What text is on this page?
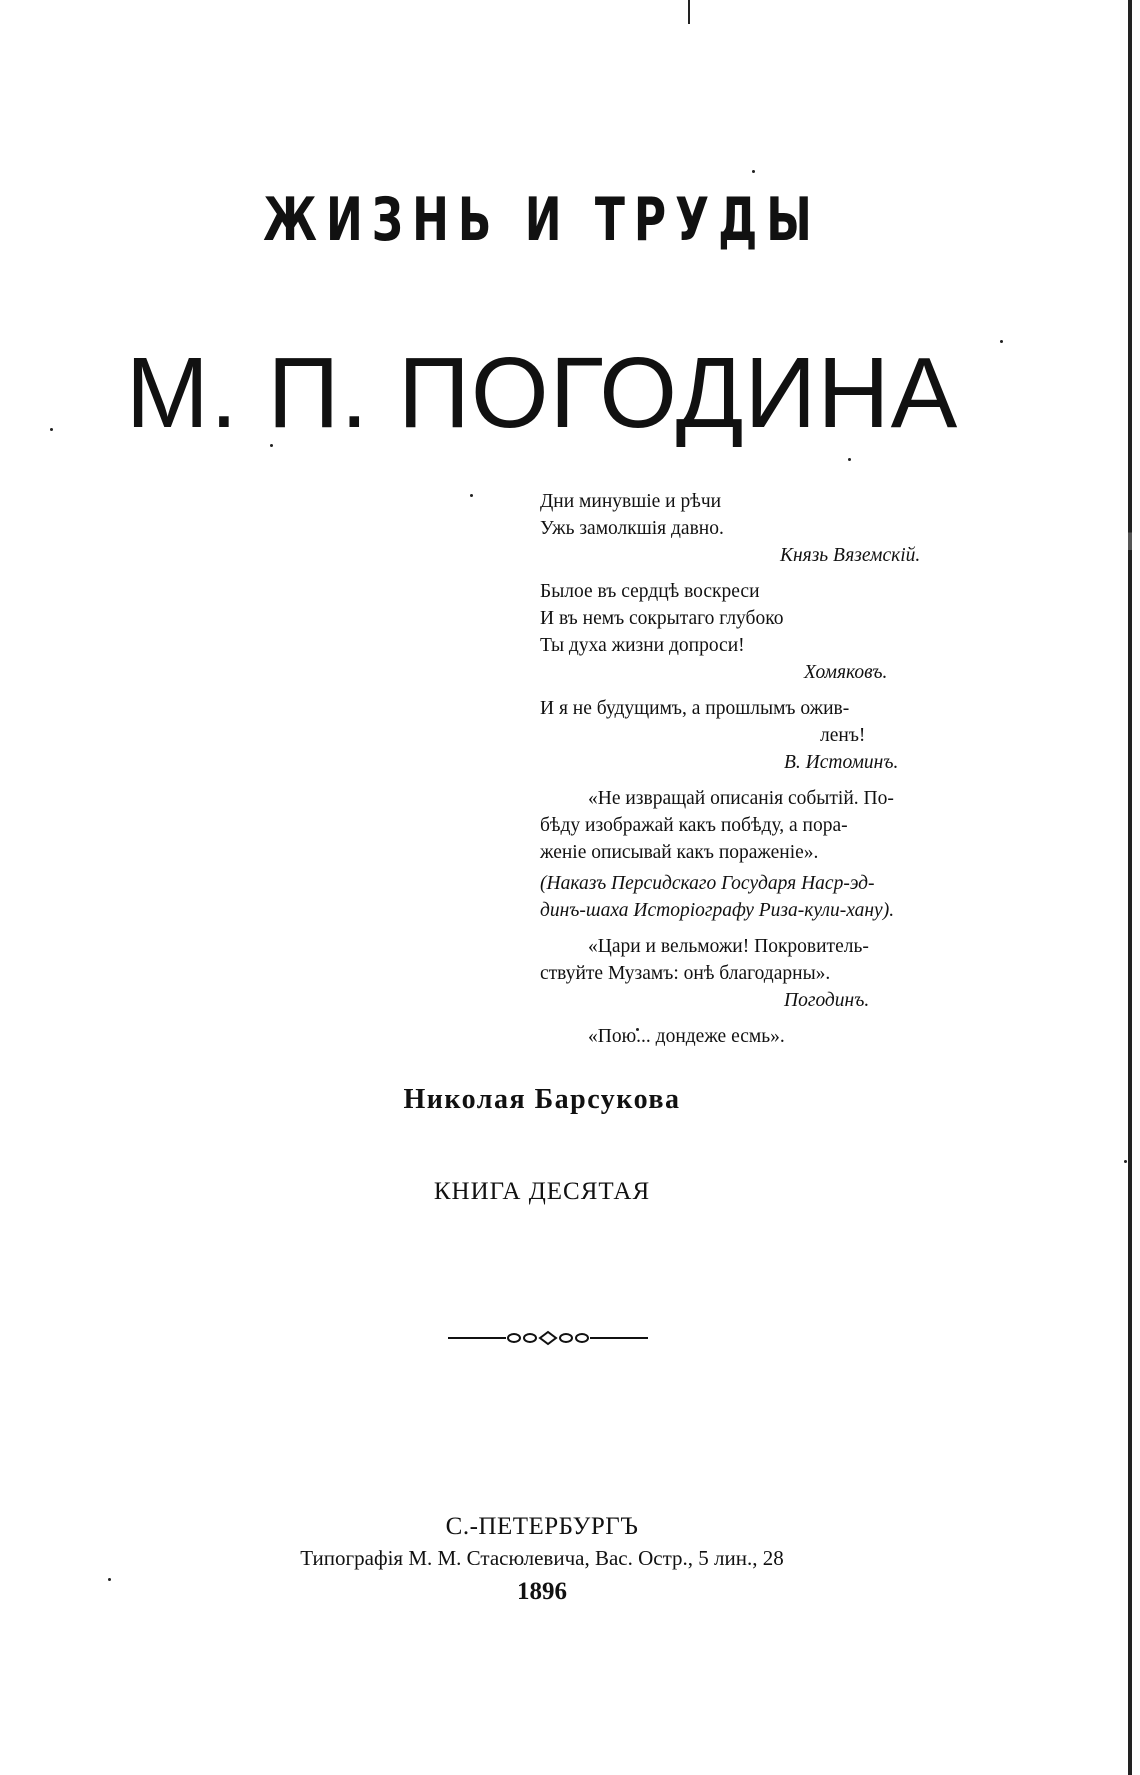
ЖИЗНЬ И ТРУДЫ
М. П. ПОГОДИНА
Дни минувшіе и рѣчи
Ужь замолкшія давно.
Князь Вяземскій.
Былое въ сердцѣ воскреси
И въ немъ сокрытаго глубоко
Ты духа жизни допроси!
Хомяковъ.
И я не будущимъ, а прошлымъ ожив-
ленъ!
В. Истоминъ.
«Не извращай описанія событій. По-
бѣду изображай какъ побѣду, а пора-
женіе описывай какъ пораженіе».
(Наказъ Персидскаго Государя Наср-эд-
динъ-шаха Исторіографу Риза-кули-хану).
«Цари и вельможи! Покровитель-
ствуйте Музамъ: онѣ благодарны».
Погодинъ.
«Пою... дондеже есмь».
Николая Барсукова
КНИГА ДЕСЯТАЯ
С.-ПЕТЕРБУРГЪ
Типографія М. М. Стасюлевича, Вас. Остр., 5 лин., 28
1896
